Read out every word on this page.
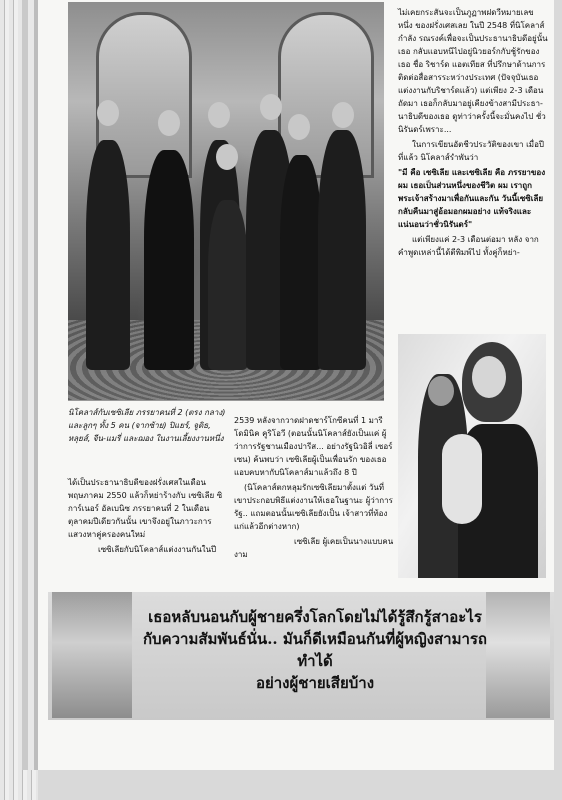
นิโคลาส์กับเซซิเลีย ภรรยาคนที่ 2 (ตรง กลาง) และลูกๆ ทั้ง 5 คน (จากซ้าย) ปิแยร์, จูดิธ, หลุยส์, จีน-แมรี่ และฌอง ในงานเลี้ยงงานหนึ่ง

ไม่เคยกระสันจะเป็นภูฏาพฝดวีหมายเลขหนึ่ง ของฝรั่งเศสเลย ในปี 2548 ที่นิโคลาส์กำลัง รณรงค์เพื่อจะเป็นประธานาธิบดีอยู่นั้น เธอ กลับแอบหนีไปอยู่นิวยอร์กกับชู้รักของเธอ ชื่อ ริชาร์ด แอตเทียส ที่ปรึกษาด้านการ ติดต่อสื่อสารระหว่างประเทศ (ปัจจุบันเธอ แต่งงานกับริชาร์ดแล้ว) แต่เพียง 2-3 เดือน ถัดมา เธอก็กลับมาอยู่เคียงข้างสามีประธา- นาธิบดีของเธอ ดูท่าว่าครั้งนี้จะมั่นคงไป ชั่วนิรันดร์เพราะ...

ในการเขียนอัตชีวประวัติของเขา เมื่อปีที่แล้ว นิโคลาส์รำพันว่า

"มี คือ เซซิเลีย และเซซิเลีย คือ ภรรยาของผม เธอเป็นส่วนหนึ่งของชีวิต ผม เราถูกพระเจ้าสร้างมาเพื่อกันและกัน วันนี้เซซิเลียกลับคืนมาสู่อ้อมอกผมอย่าง แท้จริงและแน่นอนว่าชั่วนิรันดร์"

แต่เพียงแค่ 2-3 เดือนต่อมา หลัง จากคำพูดเหล่านี้ได้ตีพิมพ์ไป ทั้งคู่ก็หย่า-

ได้เป็นประธานาธิบดีของฝรั่งเศสในเดือน พฤษภาคม 2550 แล้วก็หย่าร้างกับ เซซิเลีย ซิการ์เนอร์ อัลเบนิซ ภรรยาคนที่ 2 ในเดือน ตุลาคมปีเดียวกันนั้น เขาจึงอยู่ในภาวะการ แสวงหาคู่ครองคนใหม่

เซซิเลียกับนิโคลาส์แต่งงานกันในปี

2539 หลังจากวาดฝาดชาร์โกซีคนที่ 1 มารี โดมินิค คูริโอวี (ตอนนั้นนิโคลาส์ยังเป็นแค่ ผู้ว่าการรัฐชานเมืองปารีส... อย่างรัฐนิวอิลี่ เซอร์เซน) ค้นพบว่า เซซิเลียผู้เป็นเพื่อนรัก ของเธอแอบคบหากับนิโคลาส์มาแล้วถึง 8 ปี

(นิโคลาส์ตกหลุมรักเซซิเลียมาตั้งแต่ วันที่เขาประกอบพิธีแต่งงานให้เธอในฐานะ ผู้ว่าการรัฐ.. แถมตอนนั้นเซซิเลียยังเป็น เจ้าสาวที่ท้องแก่แล้วอีกต่างหาก)

เซซิเลีย ผู้เคยเป็นนางแบบคนงาม

เธอหลับนอนกับผู้ชายครึ่งโลกโดยไม่ได้รู้สึกรู้สาอะไร
กับความสัมพันธ์นั่น.. มันก็ดีเหมือนกันที่ผู้หญิงสามารถทำได้
อย่างผู้ชายเสียบ้าง
